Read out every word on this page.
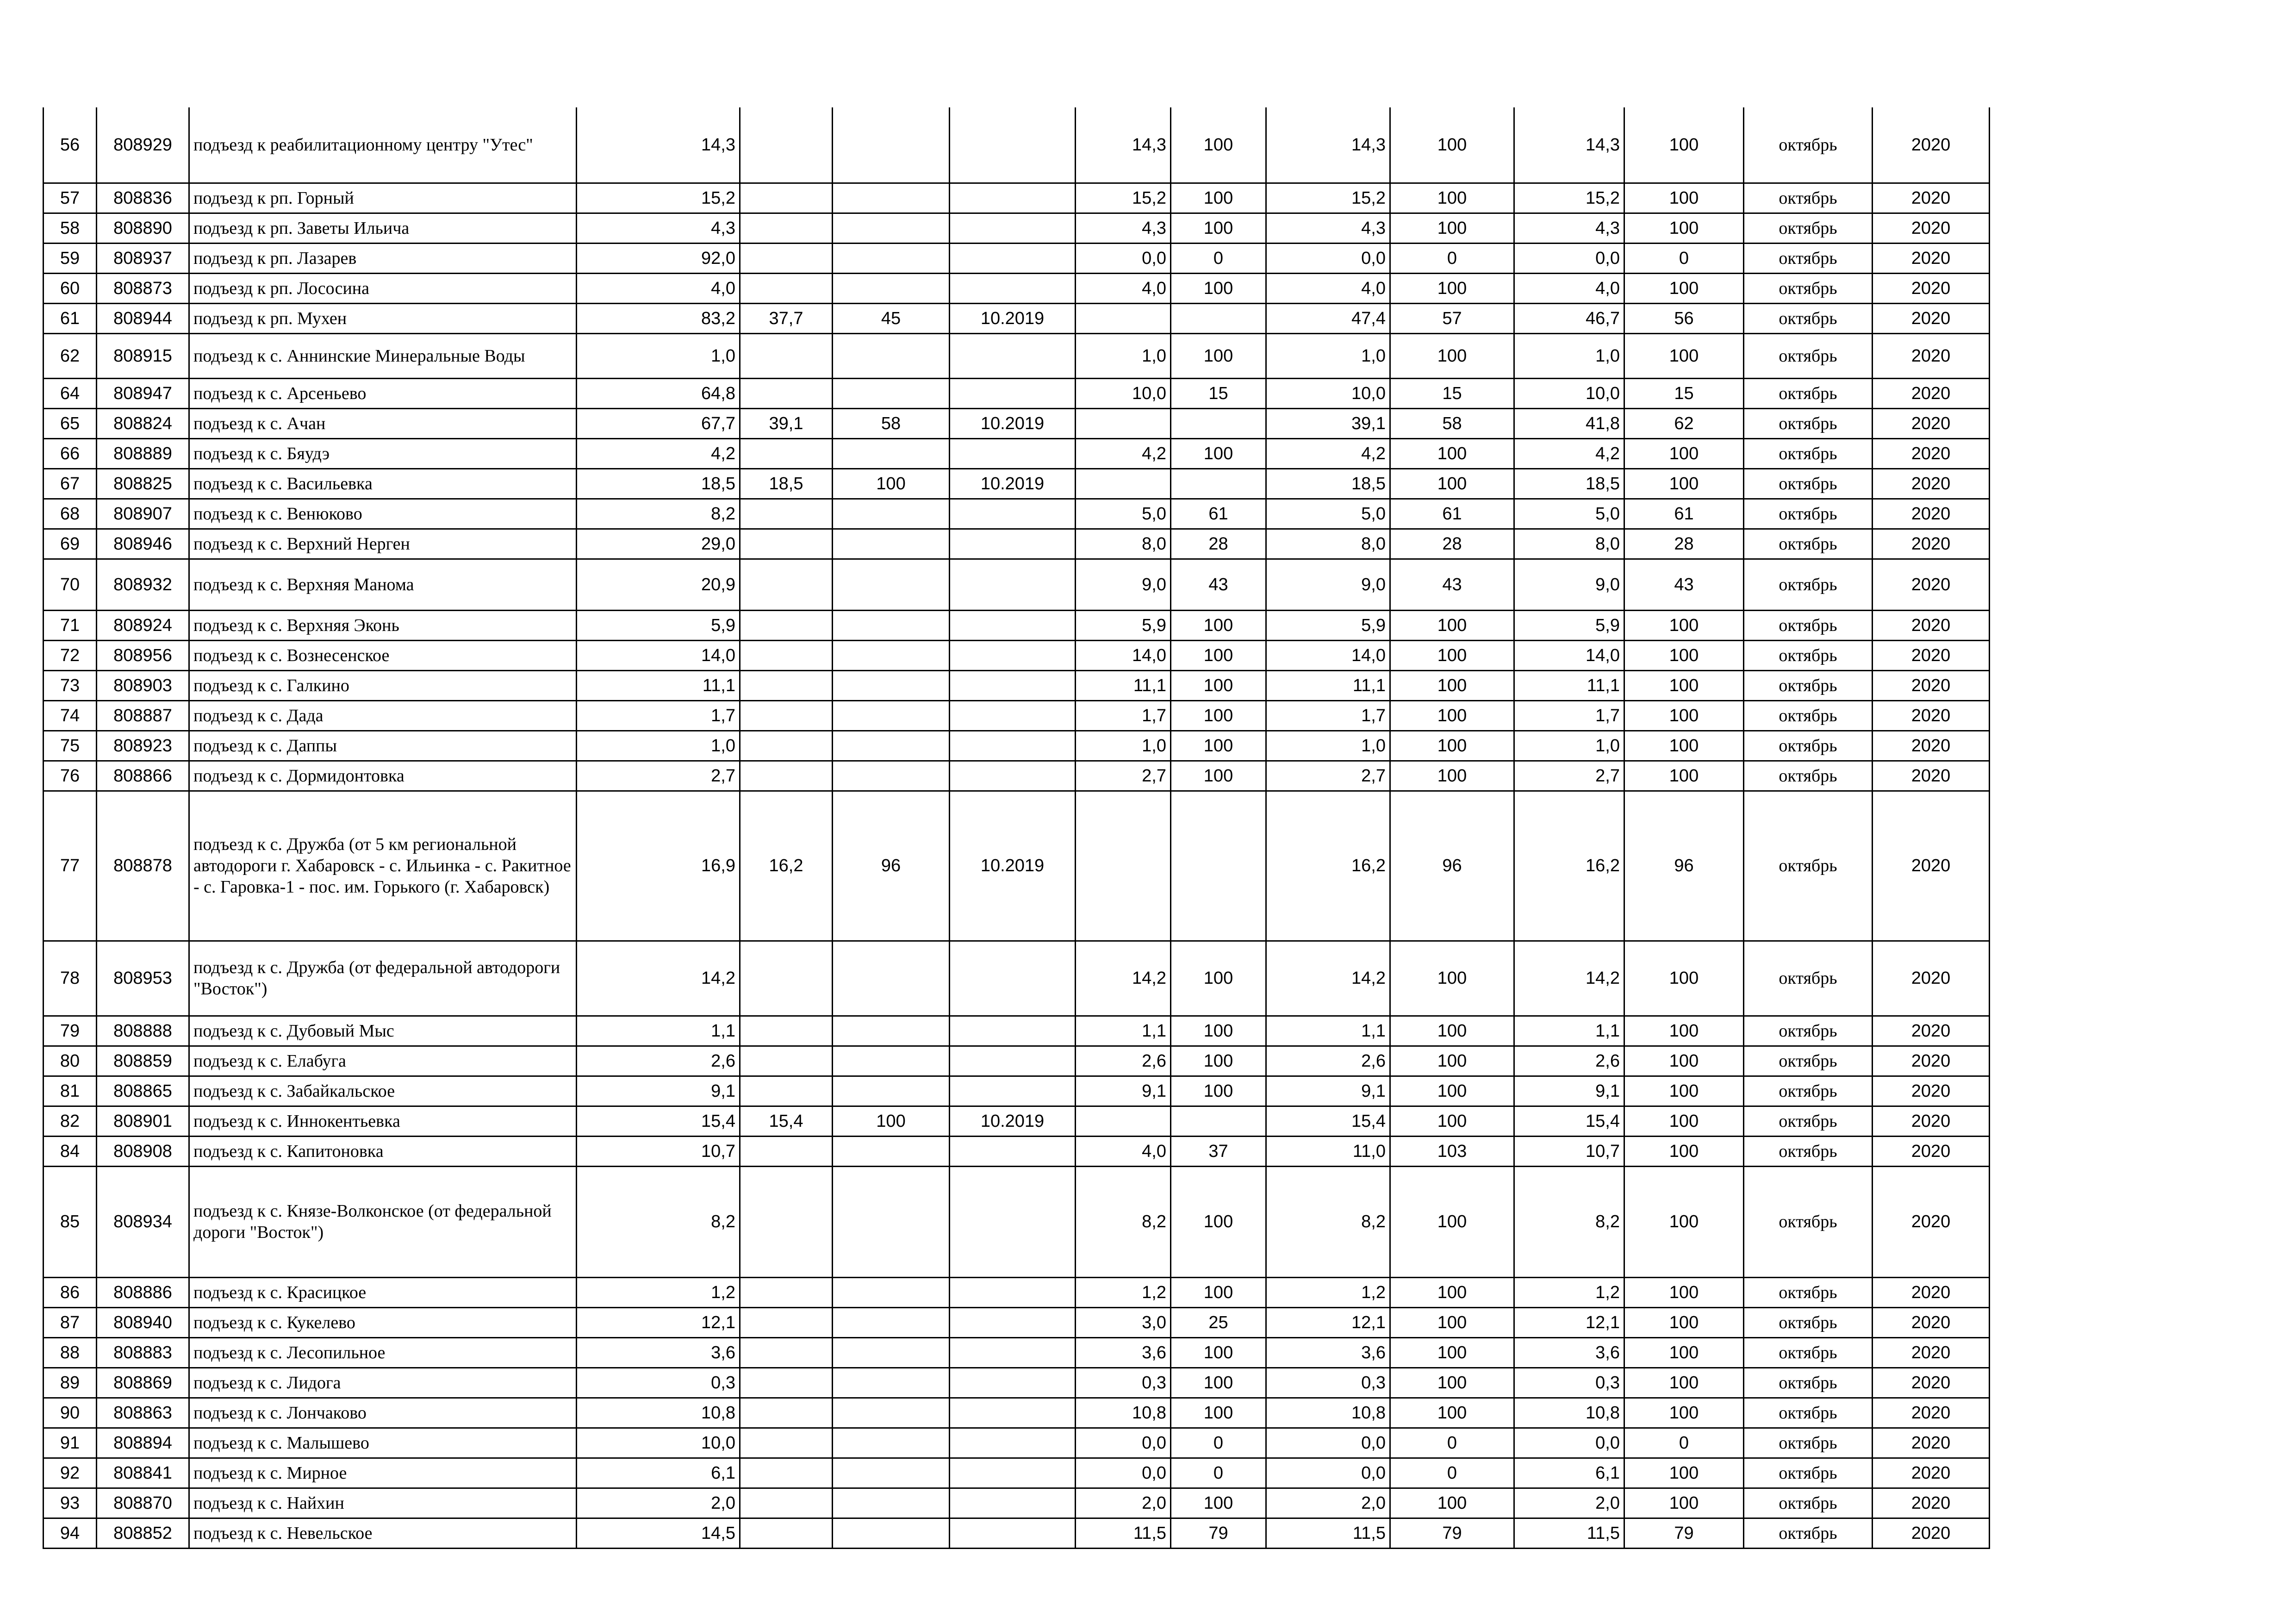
56	808929	подъезд к реабилитационному центру "Утес"	14,3				14,3	100	14,3	100	14,3	100	октябрь	2020
57	808836	подъезд к рп. Горный	15,2				15,2	100	15,2	100	15,2	100	октябрь	2020
58	808890	подъезд к рп. Заветы Ильича	4,3				4,3	100	4,3	100	4,3	100	октябрь	2020
59	808937	подъезд к рп. Лазарев	92,0				0,0	0	0,0	0	0,0	0	октябрь	2020
60	808873	подъезд к рп. Лососина	4,0				4,0	100	4,0	100	4,0	100	октябрь	2020
61	808944	подъезд к рп. Мухен	83,2	37,7	45	10.2019			47,4	57	46,7	56	октябрь	2020
62	808915	подъезд к с. Аннинские Минеральные Воды	1,0				1,0	100	1,0	100	1,0	100	октябрь	2020
64	808947	подъезд к с. Арсеньево	64,8				10,0	15	10,0	15	10,0	15	октябрь	2020
65	808824	подъезд к с. Ачан	67,7	39,1	58	10.2019			39,1	58	41,8	62	октябрь	2020
66	808889	подъезд к с. Бяудэ	4,2				4,2	100	4,2	100	4,2	100	октябрь	2020
67	808825	подъезд к с. Васильевка	18,5	18,5	100	10.2019			18,5	100	18,5	100	октябрь	2020
68	808907	подъезд к с. Венюково	8,2				5,0	61	5,0	61	5,0	61	октябрь	2020
69	808946	подъезд к с. Верхний Нерген	29,0				8,0	28	8,0	28	8,0	28	октябрь	2020
70	808932	подъезд к с. Верхняя Манома	20,9				9,0	43	9,0	43	9,0	43	октябрь	2020
71	808924	подъезд к с. Верхняя Эконь	5,9				5,9	100	5,9	100	5,9	100	октябрь	2020
72	808956	подъезд к с. Вознесенское	14,0				14,0	100	14,0	100	14,0	100	октябрь	2020
73	808903	подъезд к с. Галкино	11,1				11,1	100	11,1	100	11,1	100	октябрь	2020
74	808887	подъезд к с. Дада	1,7				1,7	100	1,7	100	1,7	100	октябрь	2020
75	808923	подъезд к с. Даппы	1,0				1,0	100	1,0	100	1,0	100	октябрь	2020
76	808866	подъезд к с. Дормидонтовка	2,7				2,7	100	2,7	100	2,7	100	октябрь	2020
77	808878	подъезд к с. Дружба (от 5 км региональной автодороги г. Хабаровск - с. Ильинка - с. Ракитное - с. Гаровка-1 - пос. им. Горького (г. Хабаровск)	16,9	16,2	96	10.2019			16,2	96	16,2	96	октябрь	2020
78	808953	подъезд к с. Дружба (от федеральной автодороги "Восток")	14,2				14,2	100	14,2	100	14,2	100	октябрь	2020
79	808888	подъезд к с. Дубовый Мыс	1,1				1,1	100	1,1	100	1,1	100	октябрь	2020
80	808859	подъезд к с. Елабуга	2,6				2,6	100	2,6	100	2,6	100	октябрь	2020
81	808865	подъезд к с. Забайкальское	9,1				9,1	100	9,1	100	9,1	100	октябрь	2020
82	808901	подъезд к с. Иннокентьевка	15,4	15,4	100	10.2019			15,4	100	15,4	100	октябрь	2020
84	808908	подъезд к с. Капитоновка	10,7				4,0	37	11,0	103	10,7	100	октябрь	2020
85	808934	подъезд к с. Князе-Волконское (от федеральной дороги "Восток")	8,2				8,2	100	8,2	100	8,2	100	октябрь	2020
86	808886	подъезд к с. Красицкое	1,2				1,2	100	1,2	100	1,2	100	октябрь	2020
87	808940	подъезд к с. Кукелево	12,1				3,0	25	12,1	100	12,1	100	октябрь	2020
88	808883	подъезд к с. Лесопильное	3,6				3,6	100	3,6	100	3,6	100	октябрь	2020
89	808869	подъезд к с. Лидога	0,3				0,3	100	0,3	100	0,3	100	октябрь	2020
90	808863	подъезд к с. Лончаково	10,8				10,8	100	10,8	100	10,8	100	октябрь	2020
91	808894	подъезд к с. Малышево	10,0				0,0	0	0,0	0	0,0	0	октябрь	2020
92	808841	подъезд к с. Мирное	6,1				0,0	0	0,0	0	6,1	100	октябрь	2020
93	808870	подъезд к с. Найхин	2,0				2,0	100	2,0	100	2,0	100	октябрь	2020
94	808852	подъезд к с. Невельское	14,5				11,5	79	11,5	79	11,5	79	октябрь	2020
